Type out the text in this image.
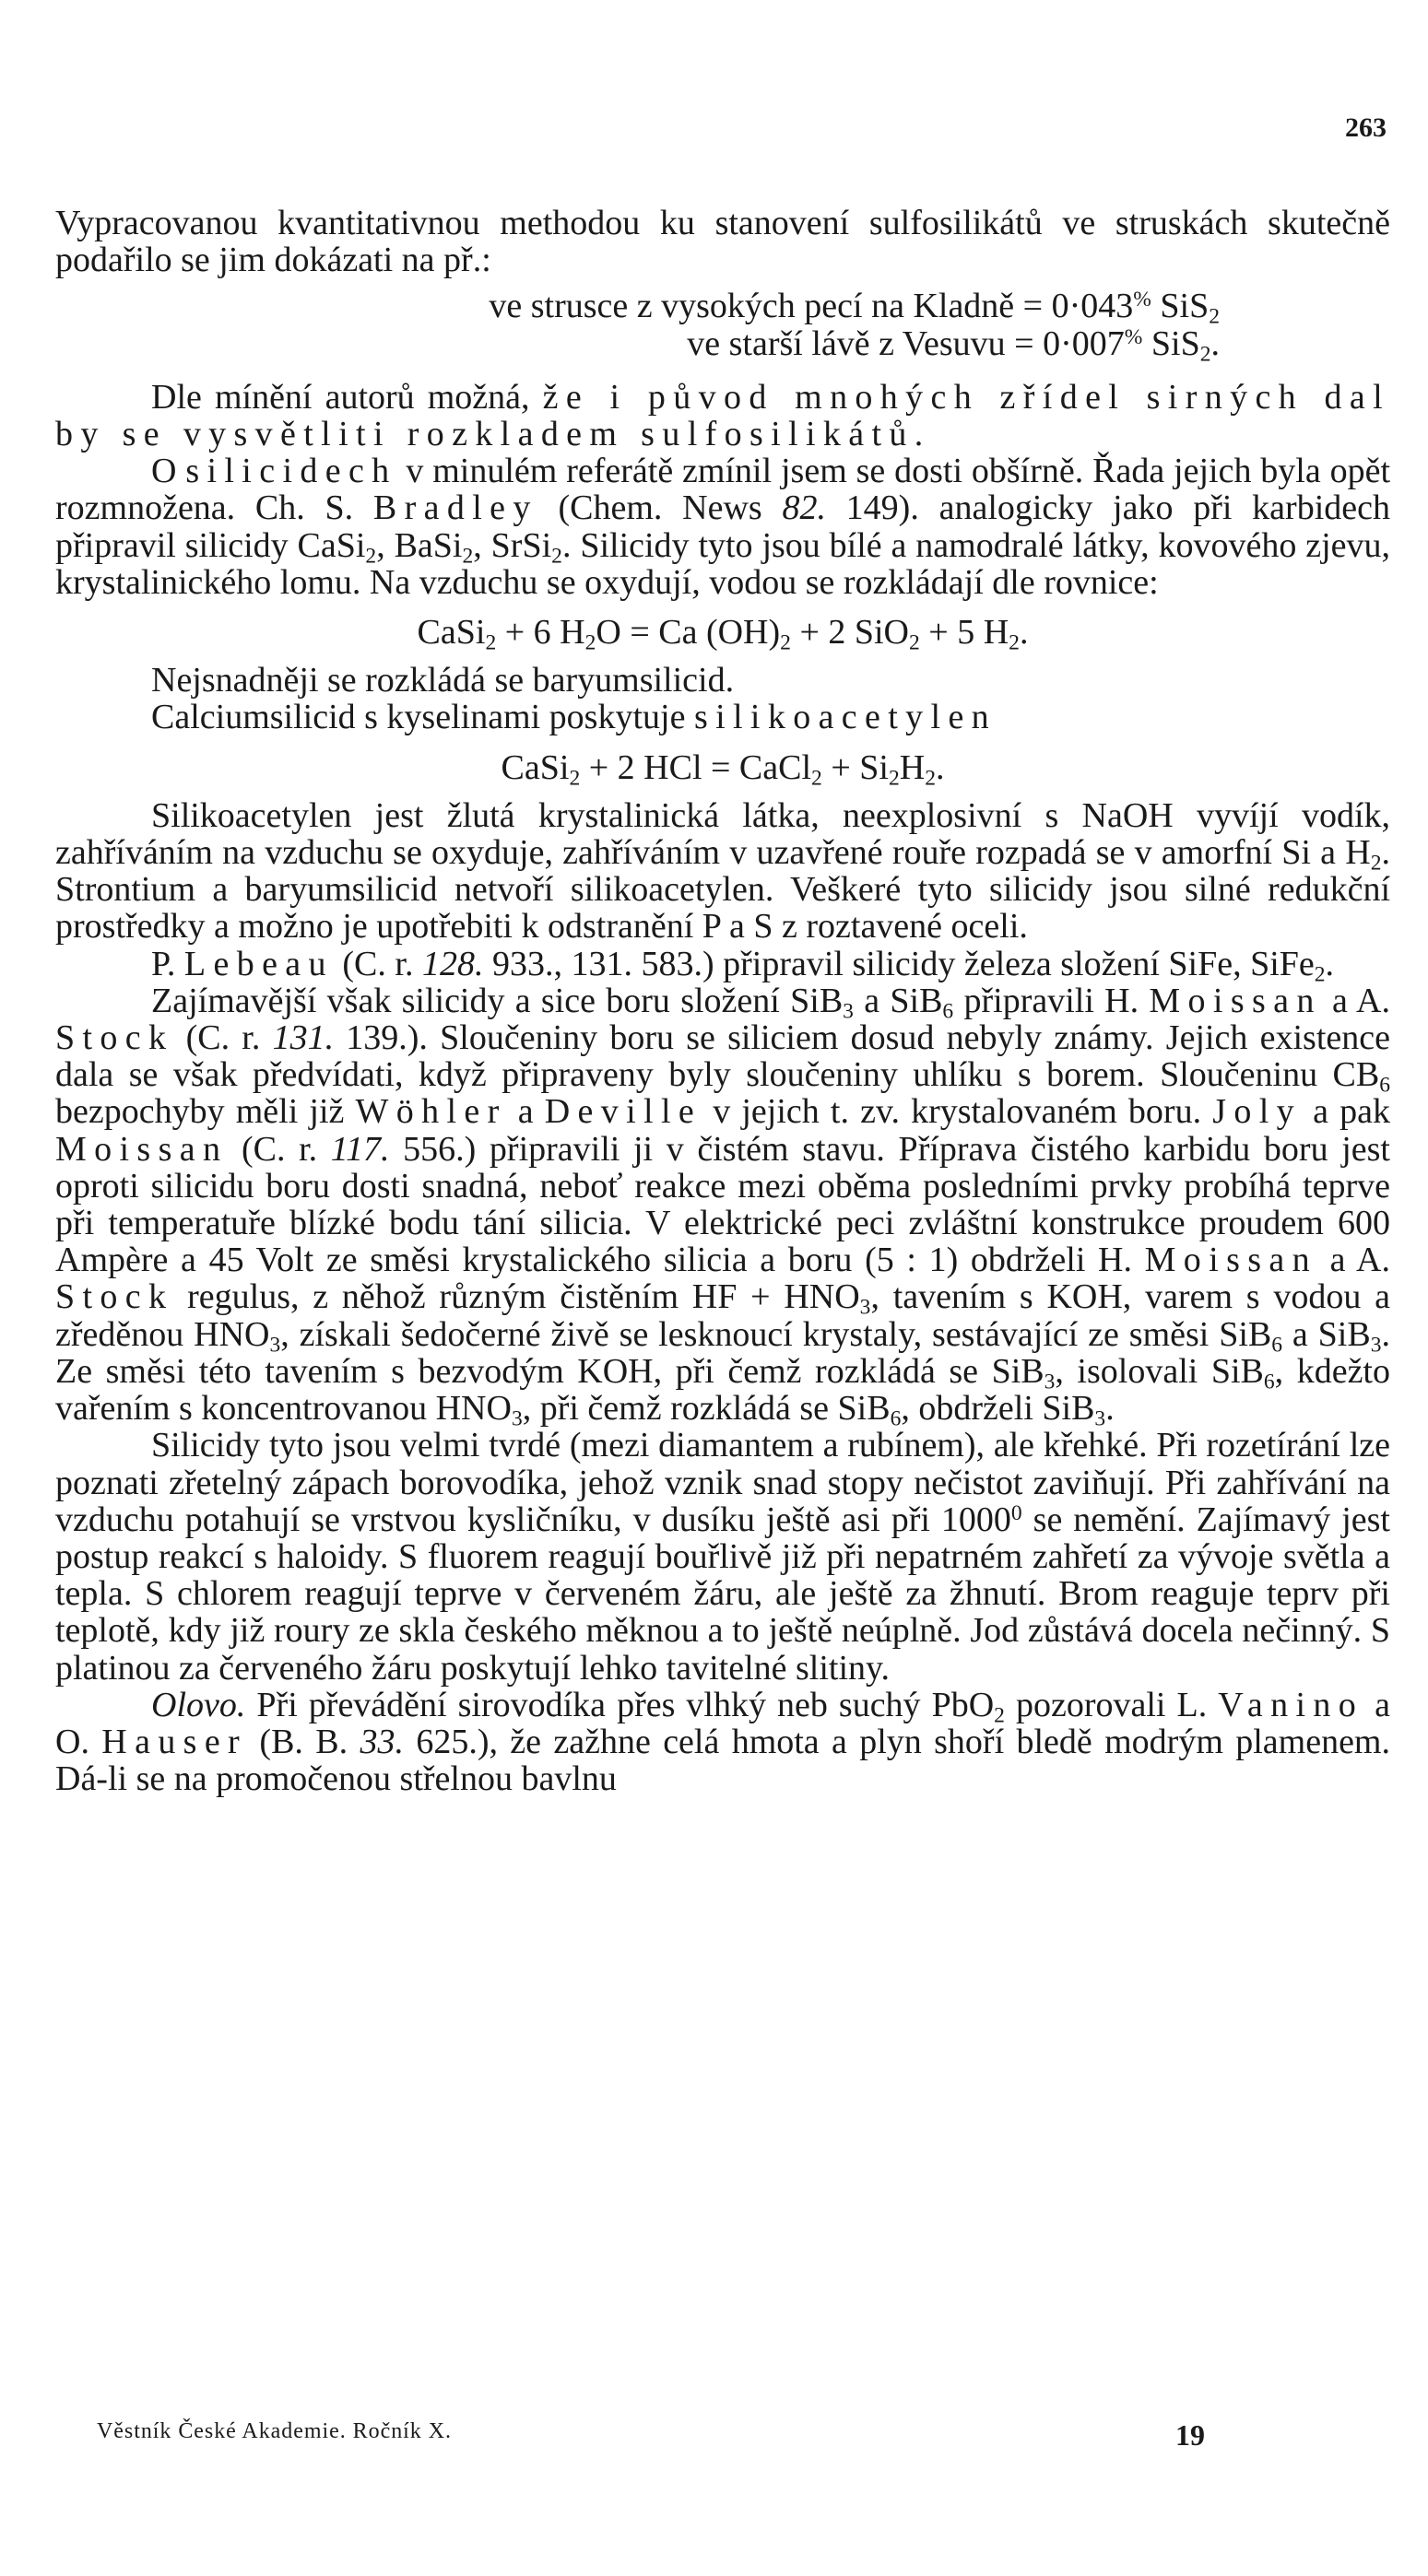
263

Vypracovanou kvantitativnou methodou ku stanovení sulfosilikátů ve struskách skutečně podařilo se jim dokázati na př.:

ve strusce z vysokých pecí na Kladně = 0·043% SiS$_2$
ve starší lávě z Vesuvu = 0·007% SiS$_2$.

Dle mínění autorů možná, že i původ mnohých zřídel sirných dal by se vysvětliti rozkladem sulfosilikátů.

O silicidech v minulém referátě zmínil jsem se dosti obšírně. Řada jejich byla opět rozmnožena. Ch. S. Bradley (Chem. News 82. 149). analogicky jako při karbidech připravil silicidy CaSi$_2$, BaSi$_2$, SrSi$_2$. Silicidy tyto jsou bílé a namodralé látky, kovového zjevu, krystalinického lomu. Na vzduchu se oxydují, vodou se rozkládají dle rovnice:

CaSi$_2$ + 6 $H_2O = Ca$ $(OH)_2 + 2$ SiO$_2$ + 5 $H_2$.

Nejsnadněji se rozkládá se baryumsilicid.

Calciumsilicid s kyselinami poskytuje silikoacetylen

CaSi$_2$ + 2 HCl = CaCl$_2$ + $Si_2H_2$.

Silikoacetylen jest žlutá krystalinická látka, neexplosivní s NaOH vyvíjí vodík, zahříváním na vzduchu se oxyduje, zahříváním v uzavřené rouře rozpadá se v amorfní Si a $H_2$. Strontium a baryumsilicid netvoří silikoacetylen. Veškeré tyto silicidy jsou silné redukční prostředky a možno je upotřebiti k odstranění P a S z roztavené oceli.

P. Lebeau (C. r. 128. 933., 131. 583.) připravil silicidy železa složení SiFe, SiFe$_2$.

Zajímavější však silicidy a sice boru složení SiB$_3$ a SiB$_6$ připravili H. Moissan a A. Stock (C. r. 131. 139.). Sloučeniny boru se siliciem dosud nebyly známy. Jejich existence dala se však předvídati, když připraveny byly sloučeniny uhlíku s borem. Sloučeninu $CB_6$ bezpochyby měli již Wöhler a Deville v jejich t. zv. krystalovaném boru. Joly a pak Moissan (C. r. 117. 556.) připravili ji v čistém stavu. Příprava čistého karbidu boru jest oproti silicidu boru dosti snadná, neboť reakce mezi oběma posledními prvky probíhá teprve při temperatuře blízké bodu tání silicia. V elektrické peci zvláštní konstrukce proudem 600 Ampère a 45 Volt ze směsi krystalického silicia a boru (5 : 1) obdrželi H. Moissan a A. Stock regulus, z něhož různým čistěním HF + $HNO_3$, tavením s KOH, varem s vodou a zředěnou $HNO_3$, získali šedočerné živě se lesknoucí krystaly, sestávající ze směsi SiB$_6$ a SiB$_3$. Ze směsi této tavením s bezvodým KOH, při čemž rozkládá se SiB$_3$, isolovali SiB$_6$, kdežto vařením s koncentrovanou $HNO_3$, při čemž rozkládá se SiB$_6$, obdrželi SiB$_3$.

Silicidy tyto jsou velmi tvrdé (mezi diamantem a rubínem), ale křehké. Při rozetírání lze poznati zřetelný zápach borovodíka, jehož vznik snad stopy nečistot zaviňují. Při zahřívání na vzduchu potahují se vrstvou kysličníku, v dusíku ještě asi při 1000$^0$ se nemění. Zajímavý jest postup reakcí s haloidy. S fluorem reagují bouřlivě již při nepatrném zahřetí za vývoje světla a tepla. S chlorem reagují teprve v červeném žáru, ale ještě za žhnutí. Brom reaguje teprv při teplotě, kdy již roury ze skla českého měknou a to ještě neúplně. Jod zůstává docela nečinný. S platinou za červeného žáru poskytují lehko tavitelné slitiny.

Olovo. Při převádění sirovodíka přes vlhký neb suchý PbO$_2$ pozorovali L. Vanino a O. Hauser (B. B. 33. 625.), že zažhne celá hmota a plyn shoří bledě modrým plamenem. Dá-li se na promočenou střelnou bavlnu

Věstník České Akademie. Ročník X.	19
